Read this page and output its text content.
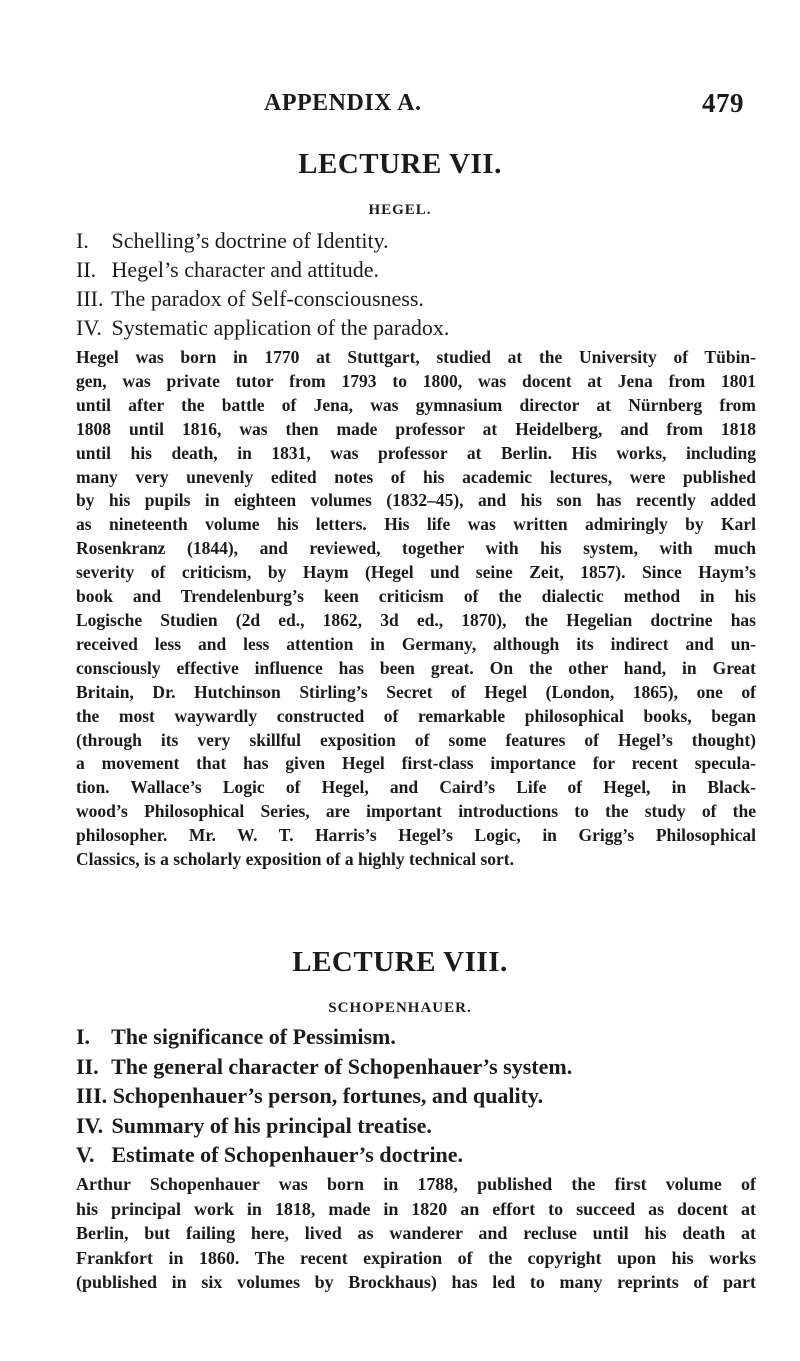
APPENDIX A.	479
LECTURE VII.
HEGEL.
I. Schelling’s doctrine of Identity.
II. Hegel’s character and attitude.
III. The paradox of Self-consciousness.
IV. Systematic application of the paradox.
Hegel was born in 1770 at Stuttgart, studied at the University of Tübin-
gen, was private tutor from 1793 to 1800, was docent at Jena from 1801
until after the battle of Jena, was gymnasium director at Nürnberg from
1808 until 1816, was then made professor at Heidelberg, and from 1818
until his death, in 1831, was professor at Berlin. His works, including
many very unevenly edited notes of his academic lectures, were published
by his pupils in eighteen volumes (1832–45), and his son has recently added
as nineteenth volume his letters. His life was written admiringly by Karl
Rosenkranz (1844), and reviewed, together with his system, with much
severity of criticism, by Haym (Hegel und seine Zeit, 1857). Since Haym’s
book and Trendelenburg’s keen criticism of the dialectic method in his
Logische Studien (2d ed., 1862, 3d ed., 1870), the Hegelian doctrine has
received less and less attention in Germany, although its indirect and un-
consciously effective influence has been great. On the other hand, in Great
Britain, Dr. Hutchinson Stirling’s Secret of Hegel (London, 1865), one of
the most waywardly constructed of remarkable philosophical books, began
(through its very skillful exposition of some features of Hegel’s thought)
a movement that has given Hegel first-class importance for recent specula-
tion. Wallace’s Logic of Hegel, and Caird’s Life of Hegel, in Black-
wood’s Philosophical Series, are important introductions to the study of the
philosopher. Mr. W. T. Harris’s Hegel’s Logic, in Grigg’s Philosophical
Classics, is a scholarly exposition of a highly technical sort.
LECTURE VIII.
SCHOPENHAUER.
I. The significance of Pessimism.
II. The general character of Schopenhauer’s system.
III. Schopenhauer’s person, fortunes, and quality.
IV. Summary of his principal treatise.
V. Estimate of Schopenhauer’s doctrine.
Arthur Schopenhauer was born in 1788, published the first volume of
his principal work in 1818, made in 1820 an effort to succeed as docent at
Berlin, but failing here, lived as wanderer and recluse until his death at
Frankfort in 1860. The recent expiration of the copyright upon his works
(published in six volumes by Brockhaus) has led to many reprints of part
